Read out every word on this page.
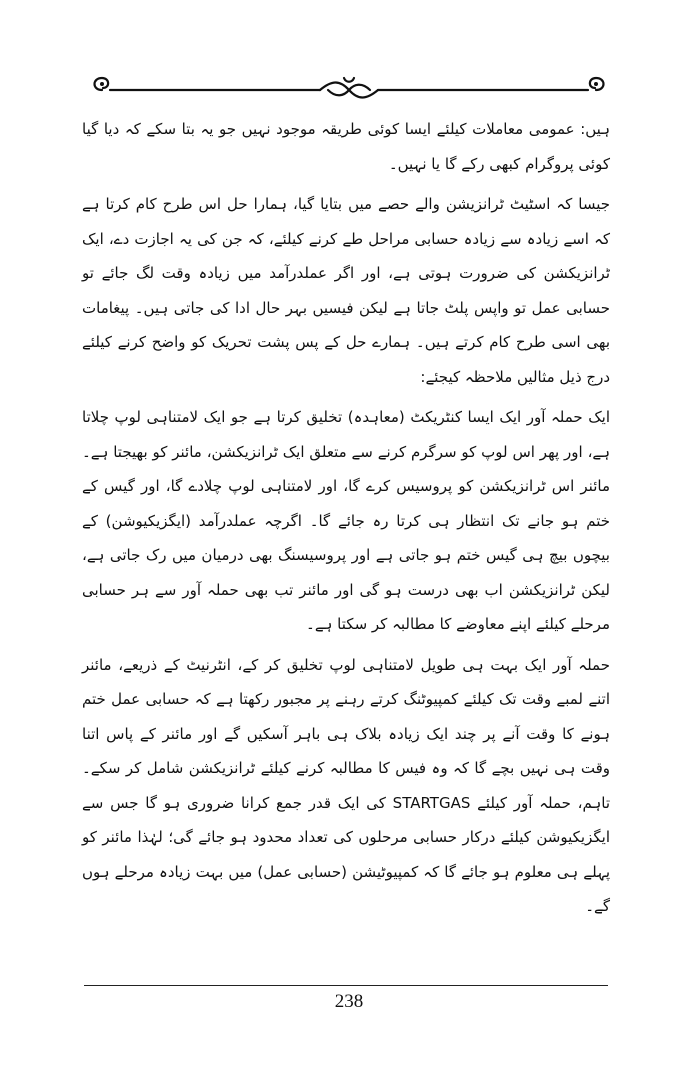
ہیں: عمومی معاملات کیلئے ایسا کوئی طریقہ موجود نہیں جو یہ بتا سکے کہ دیا گیا کوئی پروگرام کبھی رکے گا یا نہیں۔

جیسا کہ اسٹیٹ ٹرانزیشن والے حصے میں بتایا گیا، ہمارا حل اس طرح کام کرتا ہے کہ اسے زیادہ سے زیادہ حسابی مراحل طے کرنے کیلئے، کہ جن کی یہ اجازت دے، ایک ٹرانزیکشن کی ضرورت ہوتی ہے، اور اگر عملدرآمد میں زیادہ وقت لگ جائے تو حسابی عمل تو واپس پلٹ جاتا ہے لیکن فیسیں بہر حال ادا کی جاتی ہیں۔ پیغامات بھی اسی طرح کام کرتے ہیں۔ ہمارے حل کے پس پشت تحریک کو واضح کرنے کیلئے درج ذیل مثالیں ملاحظہ کیجئے:

ایک حملہ آور ایک ایسا کنٹریکٹ (معاہدہ) تخلیق کرتا ہے جو ایک لامتناہی لوپ چلاتا ہے، اور پھر اس لوپ کو سرگرم کرنے سے متعلق ایک ٹرانزیکشن، مائنر کو بھیجتا ہے۔ مائنر اس ٹرانزیکشن کو پروسیس کرے گا، اور لامتناہی لوپ چلادے گا، اور گیس کے ختم ہو جانے تک انتظار ہی کرتا رہ جائے گا۔ اگرچہ عملدرآمد (ایگزیکیوشن) کے بیچوں بیچ ہی گیس ختم ہو جاتی ہے اور پروسیسنگ بھی درمیان میں رک جاتی ہے، لیکن ٹرانزیکشن اب بھی درست ہو گی اور مائنر تب بھی حملہ آور سے ہر حسابی مرحلے کیلئے اپنے معاوضے کا مطالبہ کر سکتا ہے۔

حملہ آور ایک بہت ہی طویل لامتناہی لوپ تخلیق کر کے، انٹرنیٹ کے ذریعے، مائنر اتنے لمبے وقت تک کیلئے کمپیوٹنگ کرتے رہنے پر مجبور رکھتا ہے کہ حسابی عمل ختم ہونے کا وقت آنے پر چند ایک زیادہ بلاک ہی باہر آسکیں گے اور مائنر کے پاس اتنا وقت ہی نہیں بچے گا کہ وہ فیس کا مطالبہ کرنے کیلئے ٹرانزیکشن شامل کر سکے۔ تاہم، حملہ آور کیلئے STARTGAS کی ایک قدر جمع کرانا ضروری ہو گا جس سے ایگزیکیوشن کیلئے درکار حسابی مرحلوں کی تعداد محدود ہو جائے گی؛ لہٰذا مائنر کو پہلے ہی معلوم ہو جائے گا کہ کمپیوٹیشن (حسابی عمل) میں بہت زیادہ مرحلے ہوں گے۔

238
